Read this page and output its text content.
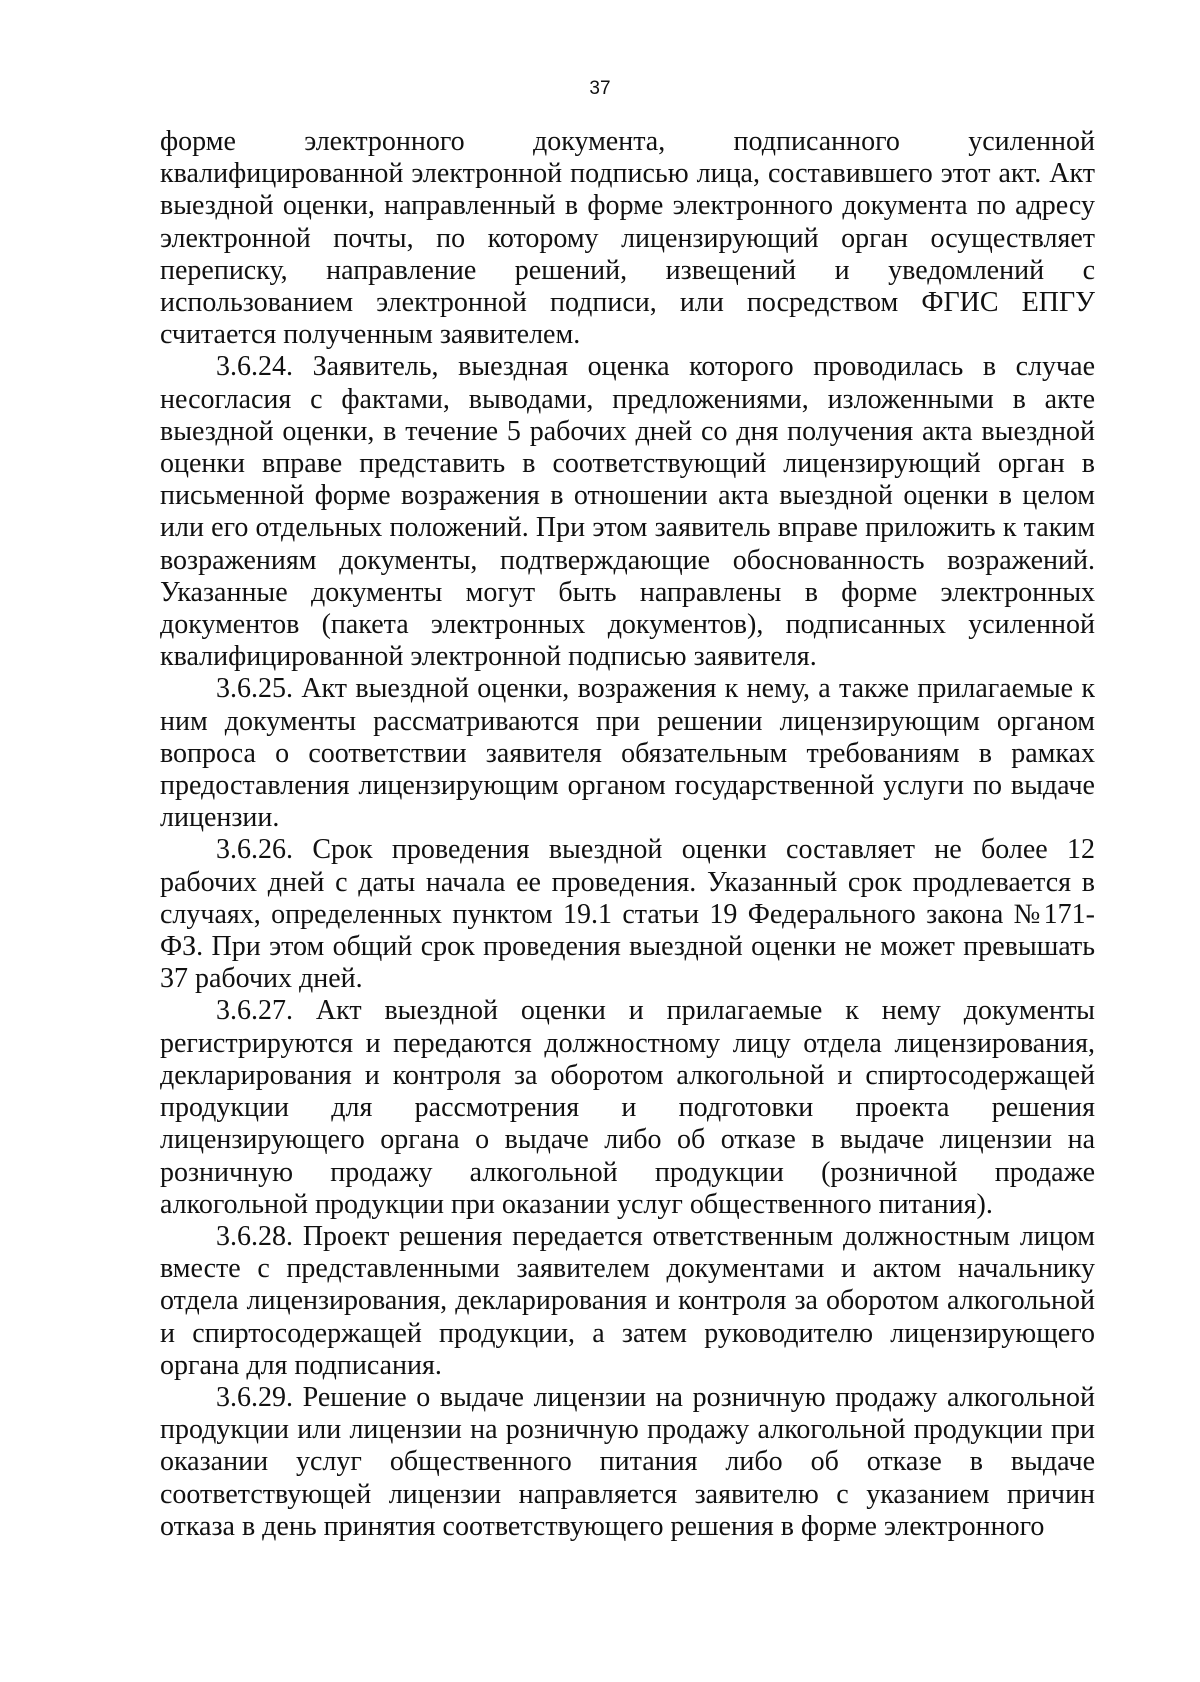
37

форме электронного документа, подписанного усиленной квалифицированной электронной подписью лица, составившего этот акт. Акт выездной оценки, направленный в форме электронного документа по адресу электронной почты, по которому лицензирующий орган осуществляет переписку, направление решений, извещений и уведомлений с использованием электронной подписи, или посредством ФГИС ЕПГУ считается полученным заявителем.

3.6.24. Заявитель, выездная оценка которого проводилась в случае несогласия с фактами, выводами, предложениями, изложенными в акте выездной оценки, в течение 5 рабочих дней со дня получения акта выездной оценки вправе представить в соответствующий лицензирующий орган в письменной форме возражения в отношении акта выездной оценки в целом или его отдельных положений. При этом заявитель вправе приложить к таким возражениям документы, подтверждающие обоснованность возражений. Указанные документы могут быть направлены в форме электронных документов (пакета электронных документов), подписанных усиленной квалифицированной электронной подписью заявителя.

3.6.25. Акт выездной оценки, возражения к нему, а также прилагаемые к ним документы рассматриваются при решении лицензирующим органом вопроса о соответствии заявителя обязательным требованиям в рамках предоставления лицензирующим органом государственной услуги по выдаче лицензии.

3.6.26. Срок проведения выездной оценки составляет не более 12 рабочих дней с даты начала ее проведения. Указанный срок продлевается в случаях, определенных пунктом 19.1 статьи 19 Федерального закона №171-ФЗ. При этом общий срок проведения выездной оценки не может превышать 37 рабочих дней.

3.6.27. Акт выездной оценки и прилагаемые к нему документы регистрируются и передаются должностному лицу отдела лицензирования, декларирования и контроля за оборотом алкогольной и спиртосодержащей продукции для рассмотрения и подготовки проекта решения лицензирующего органа о выдаче либо об отказе в выдаче лицензии на розничную продажу алкогольной продукции (розничной продаже алкогольной продукции при оказании услуг общественного питания).

3.6.28. Проект решения передается ответственным должностным лицом вместе с представленными заявителем документами и актом начальнику отдела лицензирования, декларирования и контроля за оборотом алкогольной и спиртосодержащей продукции, а затем руководителю лицензирующего органа для подписания.

3.6.29. Решение о выдаче лицензии на розничную продажу алкогольной продукции или лицензии на розничную продажу алкогольной продукции при оказании услуг общественного питания либо об отказе в выдаче соответствующей лицензии направляется заявителю с указанием причин отказа в день принятия соответствующего решения в форме электронного
